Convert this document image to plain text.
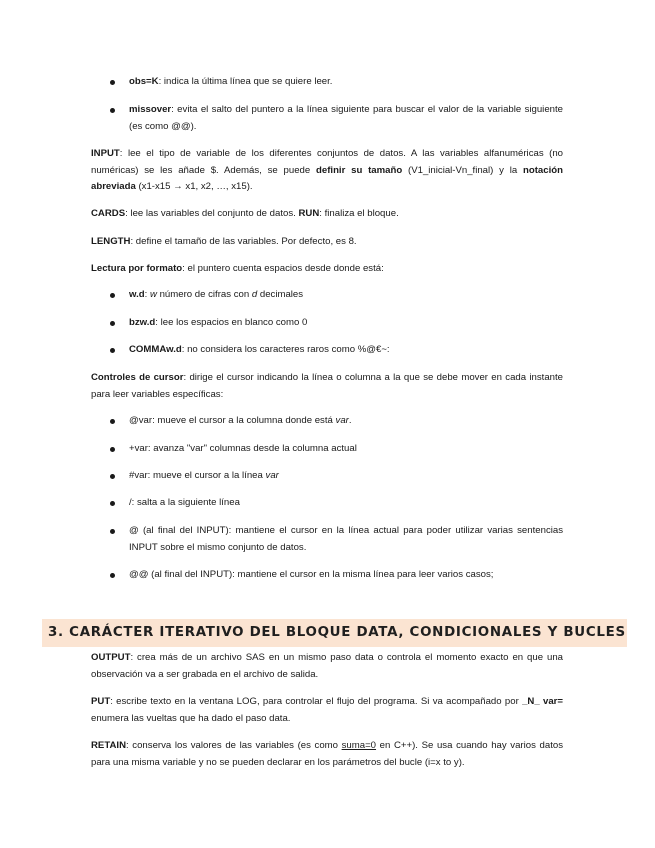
obs=K: indica la última línea que se quiere leer.

missover: evita el salto del puntero a la línea siguiente para buscar el valor de la variable siguiente (es como @@).

INPUT: lee el tipo de variable de los diferentes conjuntos de datos. A las variables alfanuméricas (no numéricas) se les añade $. Además, se puede definir su tamaño (V1_inicial-Vn_final) y la notación abreviada (x1-x15 → x1, x2, …, x15).

CARDS: lee las variables del conjunto de datos. RUN: finaliza el bloque.

LENGTH: define el tamaño de las variables. Por defecto, es 8.

Lectura por formato: el puntero cuenta espacios desde donde está:

w.d: w número de cifras con d decimales

bzw.d: lee los espacios en blanco como 0

COMMAw.d: no considera los caracteres raros como %@€~:

Controles de cursor: dirige el cursor indicando la línea o columna a la que se debe mover en cada instante para leer variables específicas:

@var: mueve el cursor a la columna donde está var.

+var: avanza "var" columnas desde la columna actual

#var: mueve el cursor a la línea var

/: salta a la siguiente línea

@ (al final del INPUT): mantiene el cursor en la línea actual para poder utilizar varias sentencias INPUT sobre el mismo conjunto de datos.

@@ (al final del INPUT): mantiene el cursor en la misma línea para leer varios casos;

3. CARÁCTER ITERATIVO DEL BLOQUE DATA, CONDICIONALES Y BUCLES

OUTPUT: crea más de un archivo SAS en un mismo paso data o controla el momento exacto en que una observación va a ser grabada en el archivo de salida.

PUT: escribe texto en la ventana LOG, para controlar el flujo del programa. Si va acompañado por _N_ var= enumera las vueltas que ha dado el paso data.

RETAIN: conserva los valores de las variables (es como suma=0 en C++). Se usa cuando hay varios datos para una misma variable y no se pueden declarar en los parámetros del bucle (i=x to y).
